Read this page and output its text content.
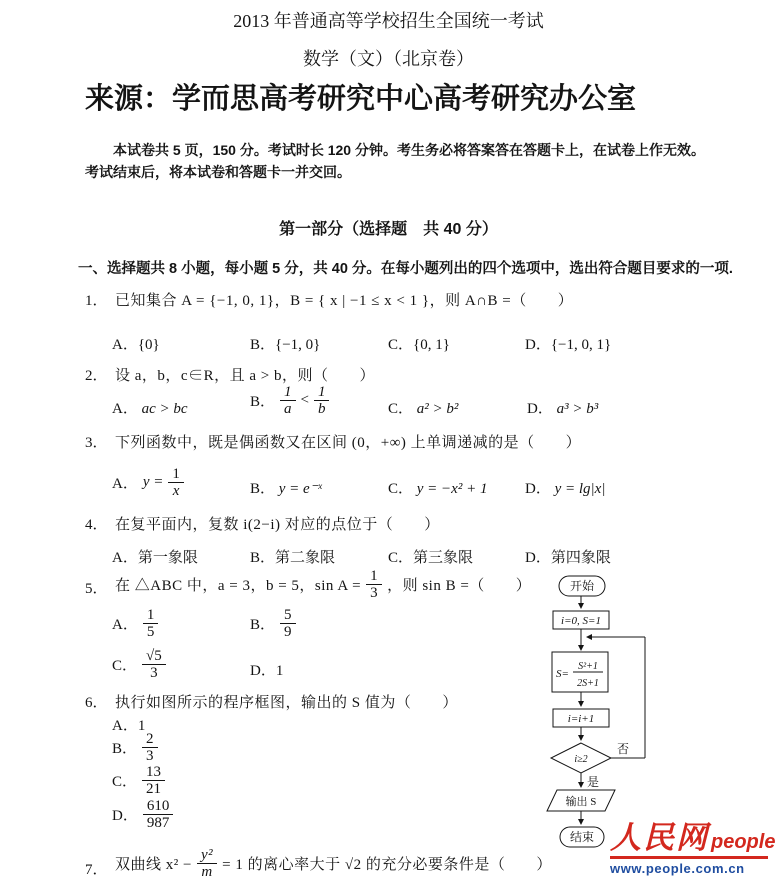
2013 年普通高等学校招生全国统一考试
数学（文）（北京卷）
来源：学而思高考研究中心高考研究办公室
本试卷共 5 页，150 分。考试时长 120 分钟。考生务必将答案答在答题卡上，在试卷上作无效。
考试结束后，将本试卷和答题卡一并交回。
第一部分（选择题　共 40 分）
一、选择题共 8 小题，每小题 5 分，共 40 分。在每小题列出的四个选项中，选出符合题目要求的一项.
1． 已知集合 A = {−1, 0, 1}，B = { x | −1 ≤ x < 1 }，则 A∩B =（　　）
A．{0}	B．{−1, 0}	C．{0, 1}	D．{−1, 0, 1}
2． 设 a，b，c∈R，且 a > b，则（　　）
A． ac > bc	B． $\frac{1}{a} < \frac{1}{b}$	C． a² > b²	D． a³ > b³
3． 下列函数中，既是偶函数又在区间 (0，+∞) 上单调递减的是（　　）
A． $y = \frac{1}{x}$	B． y = e⁻ˣ	C． y = −x² + 1	D． y = lg|x|
4． 在复平面内，复数 i(2−i) 对应的点位于（　　）
A．第一象限	B．第二象限	C．第三象限	D．第四象限
5． 在 △ABC 中，a = 3，b = 5，$\sin A = \frac{1}{3}$ ，则 sin B =（　　）
A． $\frac{1}{5}$	B． $\frac{5}{9}$
C． $\frac{√5}{3}$	D．1
6． 执行如图所示的程序框图，输出的 S 值为（　　）
A．1
B． $\frac{2}{3}$
C． $\frac{13}{21}$
D． $\frac{610}{987}$
7． 双曲线 $x^2 - \frac{\text{y²}}{m} = 1$ 的离心率大于 √2 的充分必要条件是（　　）
开始
i=0, S=1
S=
S²+1
2S+1
i=i+1
i≥2
否
是
输出 S
结束 人民网 people
www.people.com.cn
